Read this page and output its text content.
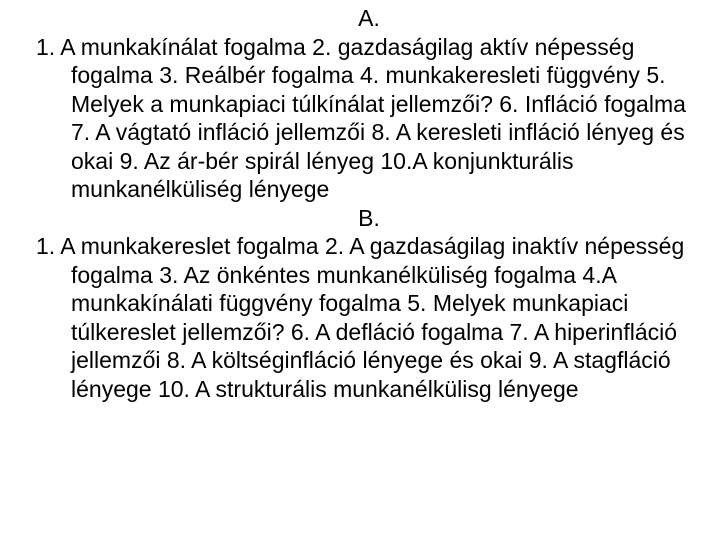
A.

1. A munkakínálat fogalma 2. gazdaságilag aktív népesség fogalma 3. Reálbér fogalma 4. munkakeresleti függvény 5. Melyek a munkapiaci túlkínálat jellemzői? 6. Infláció fogalma 7. A vágtató infláció jellemzői 8. A keresleti infláció lényeg és okai 9. Az ár-bér spirál lényeg 10.A konjunkturális munkanélküliség lényege

B.

1. A munkakereslet fogalma 2. A gazdaságilag inaktív népesség fogalma 3. Az önkéntes munkanélküliség fogalma 4.A munkakínálati függvény fogalma 5. Melyek munkapiaci túlkereslet jellemzői? 6. A defláció fogalma 7. A hiperinfláció jellemzői 8. A költséginfláció lényege és okai 9. A stagfláció lényege 10. A strukturális munkanélkülisg lényege
